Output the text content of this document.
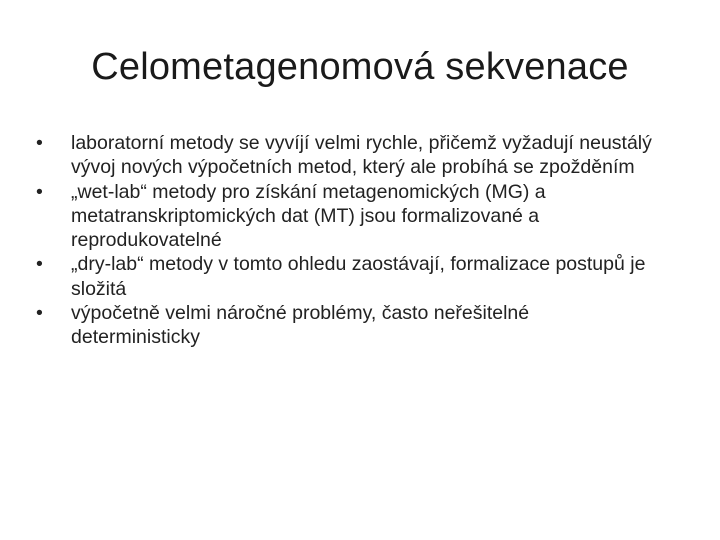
Celometagenomová sekvenace
•	laboratorní metody se vyvíjí velmi rychle, přičemž vyžadují neustálý vývoj nových výpočetních metod, který ale probíhá se zpožděním
•	„wet-lab“ metody pro získání metagenomických (MG) a metatranskriptomických dat (MT) jsou formalizované a reprodukovatelné
•	„dry-lab“ metody v tomto ohledu zaostávají, formalizace postupů je složitá
•	výpočetně velmi náročné problémy, často neřešitelné deterministicky
